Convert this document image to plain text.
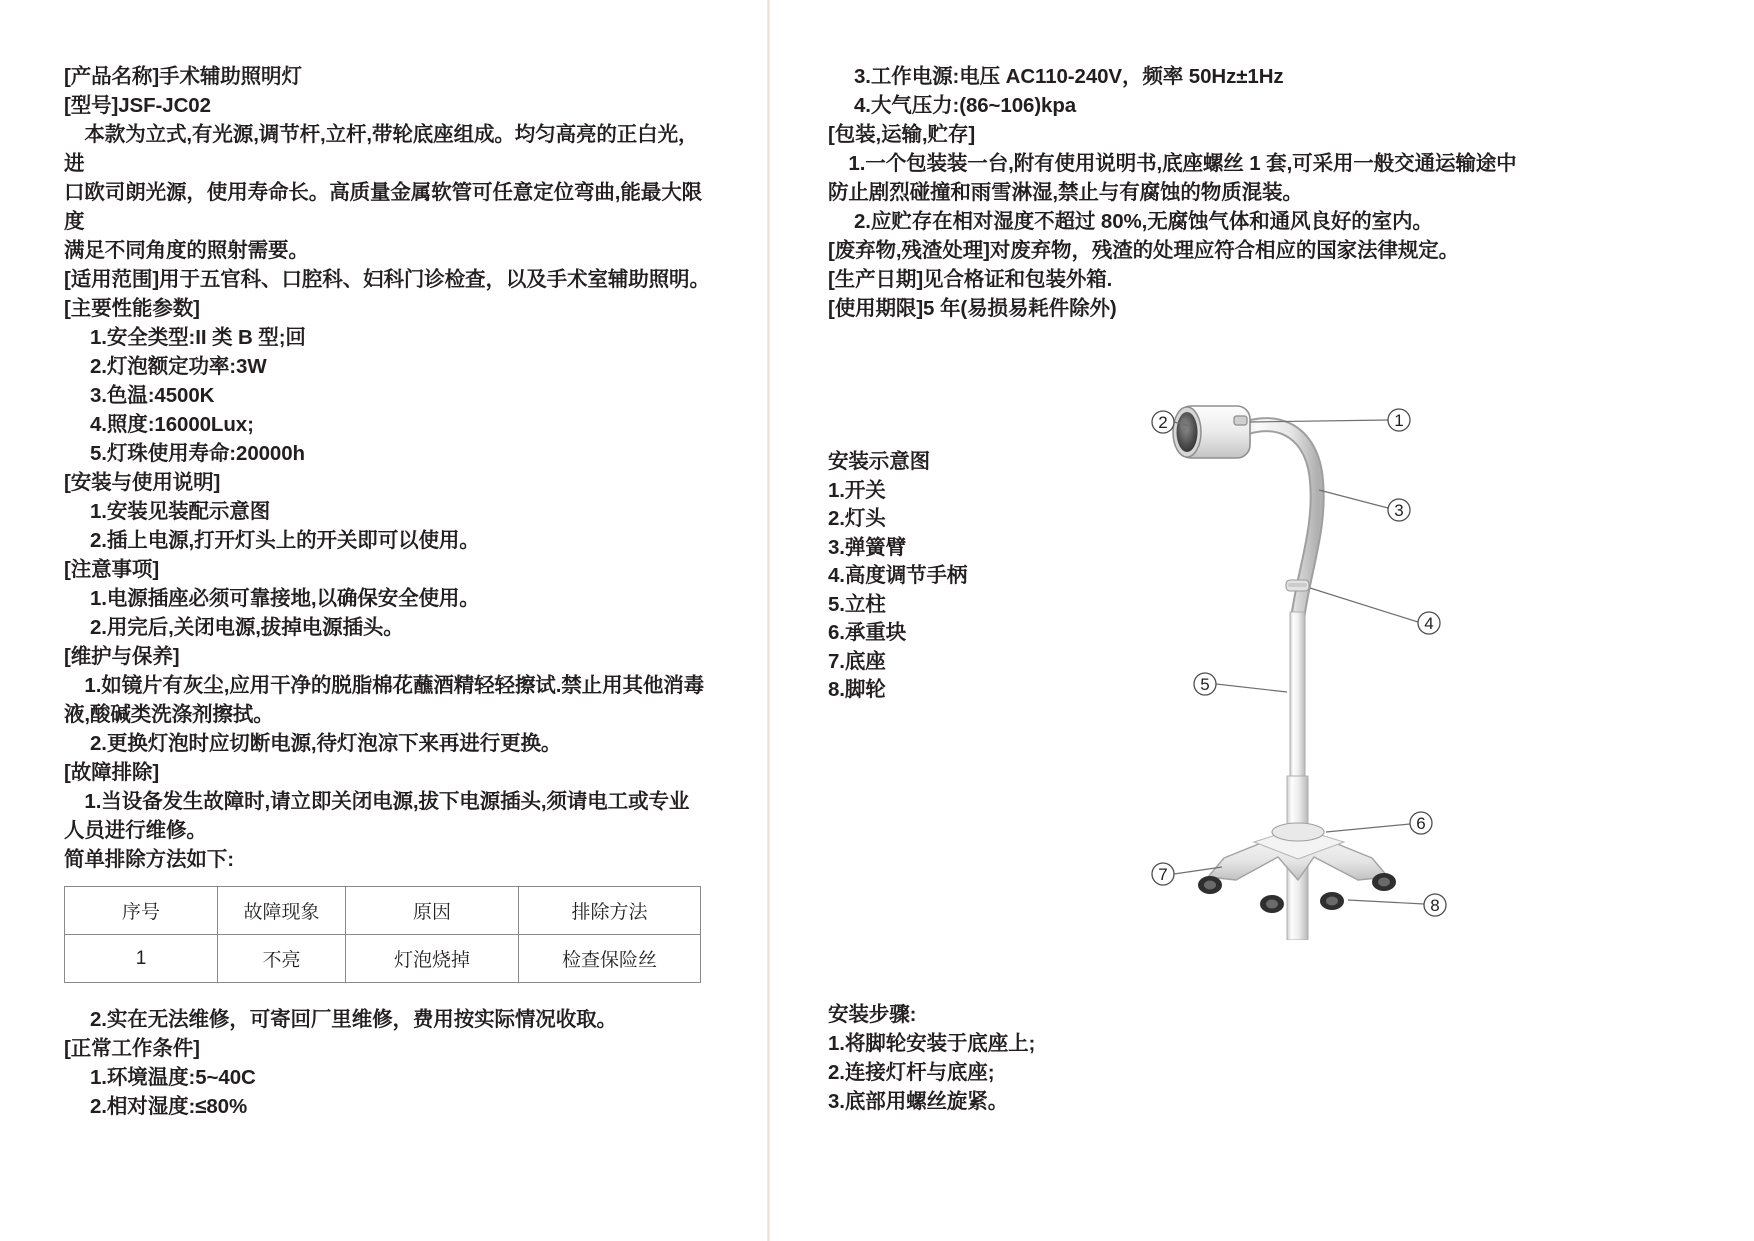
[产品名称]手术辅助照明灯
[型号]JSF-JC02
　本款为立式,有光源,调节杆,立杆,带轮底座组成。均匀高亮的正白光，进
口欧司朗光源，使用寿命长。高质量金属软管可任意定位弯曲,能最大限度
满足不同角度的照射需要。
[适用范围]用于五官科、口腔科、妇科门诊检查，以及手术室辅助照明。
[主要性能参数]
1.安全类型:II 类 B 型;回
2.灯泡额定功率:3W
3.色温:4500K
4.照度:16000Lux;
5.灯珠使用寿命:20000h
[安装与使用说明]
1.安装见装配示意图
2.插上电源,打开灯头上的开关即可以使用。
[注意事项]
1.电源插座必须可靠接地,以确保安全使用。
2.用完后,关闭电源,拔掉电源插头。
[维护与保养]
　1.如镜片有灰尘,应用干净的脱脂棉花蘸酒精轻轻擦试.禁止用其他消毒
液,酸碱类洗涤剂擦拭。
2.更换灯泡时应切断电源,待灯泡凉下来再进行更换。
[故障排除]
　1.当设备发生故障时,请立即关闭电源,拔下电源插头,须请电工或专业
人员进行维修。
简单排除方法如下:
序号	故障现象	原因	排除方法
1	不亮	灯泡烧掉	检查保险丝
2.实在无法维修，可寄回厂里维修，费用按实际情况收取。
[正常工作条件]
1.环境温度:5~40C
2.相对湿度:≤80%
3.工作电源:电压 AC110-240V，频率 50Hz±1Hz
4.大气压力:(86~106)kpa
[包装,运输,贮存]
　1.一个包装装一台,附有使用说明书,底座螺丝 1 套,可采用一般交通运输途中
防止剧烈碰撞和雨雪淋湿,禁止与有腐蚀的物质混装。
2.应贮存在相对湿度不超过 80%,无腐蚀气体和通风良好的室内。
[废弃物,残渣处理]对废弃物，残渣的处理应符合相应的国家法律规定。
[生产日期]见合格证和包装外箱.
[使用期限]5 年(易损易耗件除外)
安装示意图
1.开关
2.灯头
3.弹簧臂
4.高度调节手柄
5.立柱
6.承重块
7.底座
8.脚轮
1
2
3
4
5
6
7
8
安装步骤:
1.将脚轮安装于底座上;
2.连接灯杆与底座;
3.底部用螺丝旋紧。
